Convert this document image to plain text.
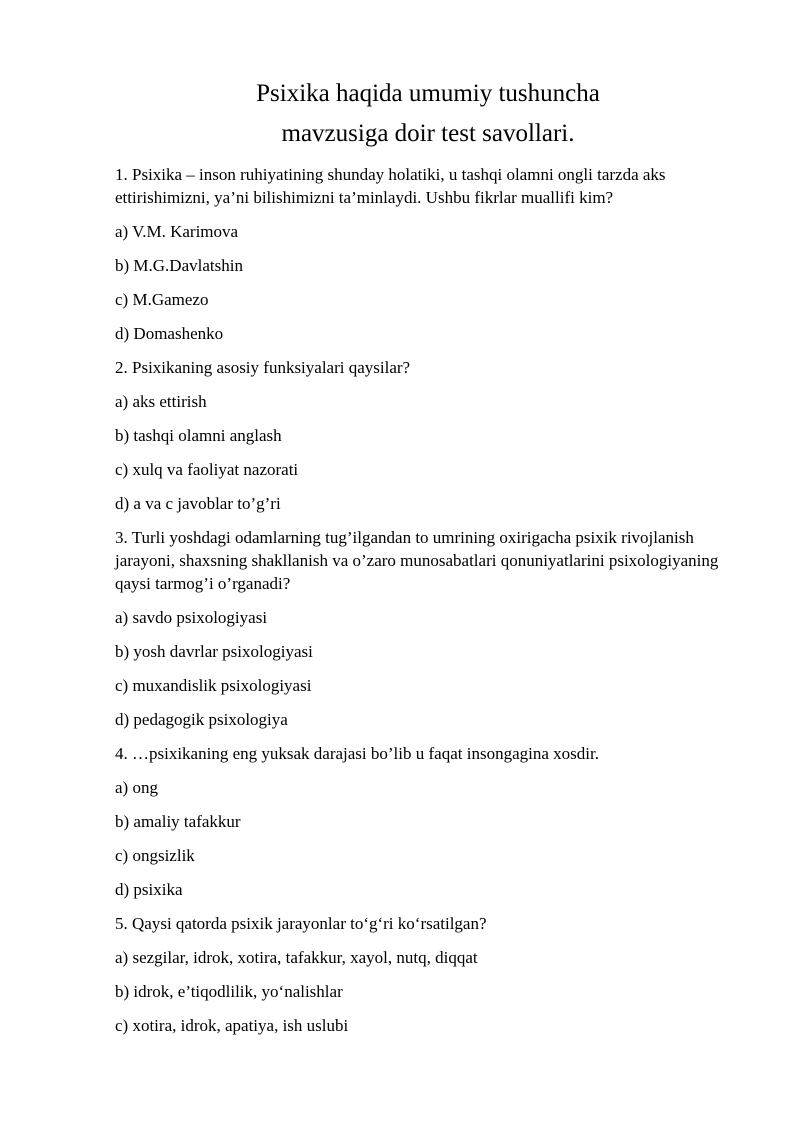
Psixika haqida umumiy tushuncha
mavzusiga doir test savollari.

1. Psixika – inson ruhiyatining shunday holatiki, u tashqi olamni ongli tarzda aks ettirishimizni, ya’ni bilishimizni ta’minlaydi. Ushbu fikrlar muallifi kim?

a) V.M. Karimova

b) M.G.Davlatshin

c) M.Gamezo

d) Domashenko

2. Psixikaning asosiy funksiyalari qaysilar?

a) aks ettirish

b) tashqi olamni anglash

c) xulq va faoliyat nazorati

d) a va c javoblar to’g’ri

3. Turli yoshdagi odamlarning tug’ilgandan to umrining oxirigacha psixik rivojlanish jarayoni, shaxsning shakllanish va o’zaro munosabatlari qonuniyatlarini psixologiyaning qaysi tarmog’i o’rganadi?

a) savdo psixologiyasi

b) yosh davrlar psixologiyasi

c) muxandislik psixologiyasi

d) pedagogik psixologiya

4. …psixikaning eng yuksak darajasi bo’lib u faqat insongagina xosdir.

a) ong

b) amaliy tafakkur

c) ongsizlik

d) psixika

5. Qaysi qatorda psixik jarayonlar to‘g‘ri ko‘rsatilgan?

a) sezgilar, idrok, xotira, tafakkur, xayol, nutq, diqqat

b) idrok, e’tiqodlilik, yo‘nalishlar

c) xotira, idrok, apatiya, ish uslubi
